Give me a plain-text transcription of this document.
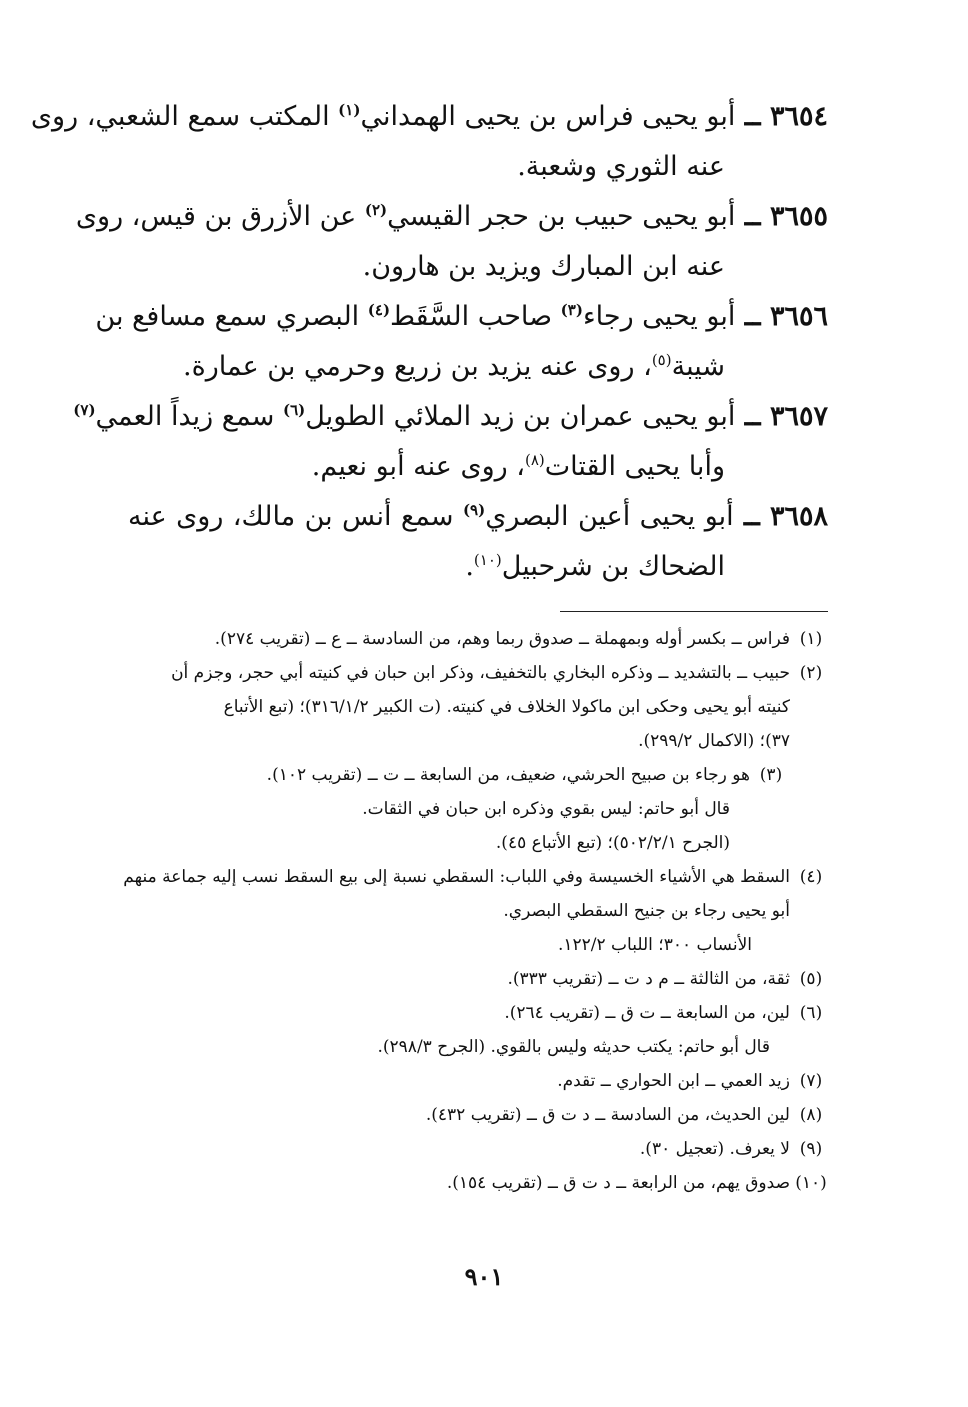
٣٦٥٤ ــ أبو يحيى فراس بن يحيى الهمداني$^{(١)}$ المكتب سمع الشعبي، روى
عنه الثوري وشعبة.
٣٦٥٥ ــ أبو يحيى حبيب بن حجر القيسي$^{(٢)}$ عن الأزرق بن قيس، روى
عنه ابن المبارك ويزيد بن هارون.
٣٦٥٦ ــ أبو يحيى رجاء$^{(٣)}$ صاحب السَّقَط$^{(٤)}$ البصري سمع مسافع بن
شيبة$^{(٥)}$، روى عنه يزيد بن زريع وحرمي بن عمارة.
٣٦٥٧ ــ أبو يحيى عمران بن زيد الملائي الطويل$^{(٦)}$ سمع زيداً العمي$^{(٧)}$
وأبا يحيى القتات$^{(٨)}$، روى عنه أبو نعيم.
٣٦٥٨ ــ أبو يحيى أعين البصري$^{(٩)}$ سمع أنس بن مالك، روى عنه
الضحاك بن شرحبيل$^{(١٠)}$.
(١)
فراس ــ بكسر أوله وبمهملة ــ صدوق ربما وهم، من السادسة ــ ع ــ (تقريب ٢٧٤).
(٢)
حبيب ــ بالتشديد ــ وذكره البخاري بالتخفيف، وذكر ابن حبان في كنيته أبي حجر، وجزم أن
كنيته أبو يحيى وحكى ابن ماكولا الخلاف في كنيته. (ت الكبير ٣١٦/١/٢)؛ (تبع الأتباع
٣٧)؛ (الاكمال ٢٩٩/٢).
(٣)
هو رجاء بن صبيح الحرشي، ضعيف، من السابعة ــ ت ــ (تقريب ١٠٢).
قال أبو حاتم: ليس بقوي وذكره ابن حبان في الثقات.
(الجرح ٥٠٢/٢/١)؛ (تبع الأتباع ٤٥).
(٤)
السقط هي الأشياء الخسيسة وفي اللباب: السقطي نسبة إلى بيع السقط نسب إليه جماعة منهم
أبو يحيى رجاء بن جنيح السقطي البصري.
الأنساب ٣٠٠؛ اللباب ١٢٢/٢.
(٥)
ثقة، من الثالثة ــ م د ت ــ (تقريب ٣٣٣).
(٦)
لين، من السابعة ــ ت ق ــ (تقريب ٢٦٤).
قال أبو حاتم: يكتب حديثه وليس بالقوي. (الجرح ٢٩٨/٣).
(٧)
زيد العمي ــ ابن الحواري ــ تقدم.
(٨)
لين الحديث، من السادسة ــ د ت ق ــ (تقريب ٤٣٢).
(٩)
لا يعرف. (تعجيل ٣٠).
(١٠)
صدوق يهم، من الرابعة ــ د ت ق ــ (تقريب ١٥٤).
٩٠١
